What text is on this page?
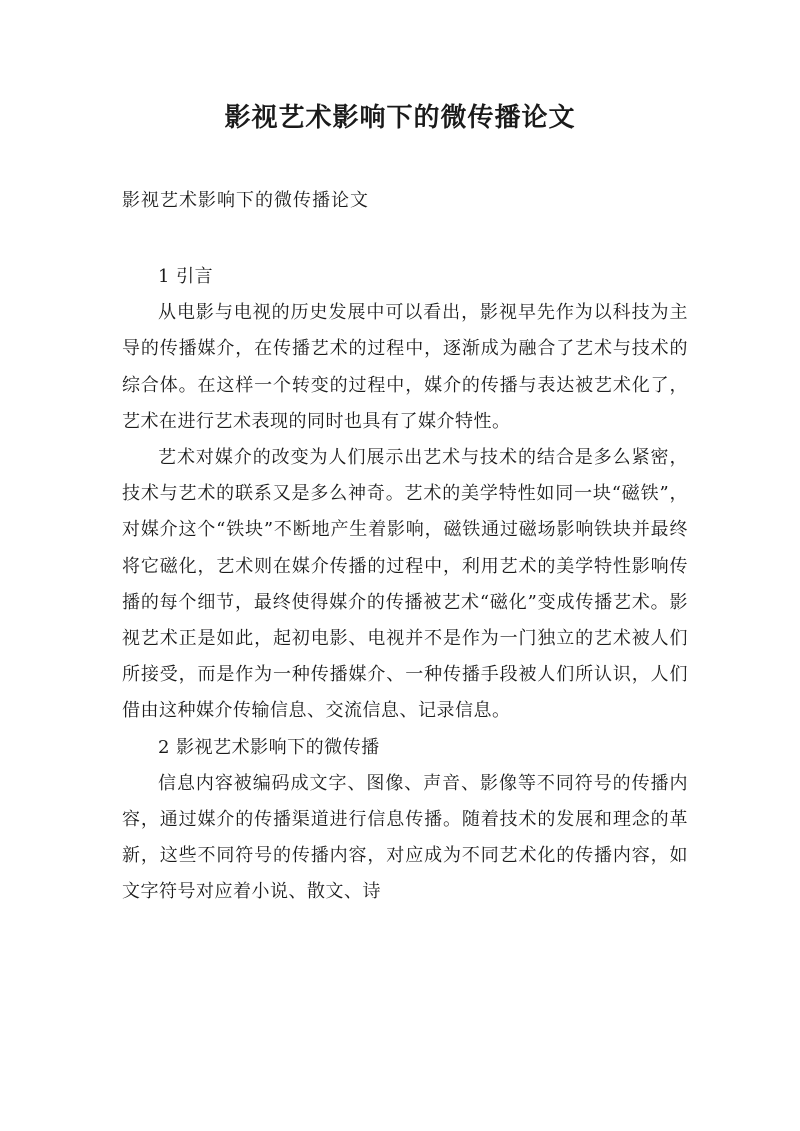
影视艺术影响下的微传播论文

影视艺术影响下的微传播论文

1 引言

从电影与电视的历史发展中可以看出，影视早先作为以科技为主导的传播媒介，在传播艺术的过程中，逐渐成为融合了艺术与技术的综合体。在这样一个转变的过程中，媒介的传播与表达被艺术化了，艺术在进行艺术表现的同时也具有了媒介特性。

艺术对媒介的改变为人们展示出艺术与技术的结合是多么紧密，技术与艺术的联系又是多么神奇。艺术的美学特性如同一块“磁铁”，对媒介这个“铁块”不断地产生着影响，磁铁通过磁场影响铁块并最终将它磁化，艺术则在媒介传播的过程中，利用艺术的美学特性影响传播的每个细节，最终使得媒介的传播被艺术“磁化”变成传播艺术。影视艺术正是如此，起初电影、电视并不是作为一门独立的艺术被人们所接受，而是作为一种传播媒介、一种传播手段被人们所认识，人们借由这种媒介传输信息、交流信息、记录信息。

2 影视艺术影响下的微传播

信息内容被编码成文字、图像、声音、影像等不同符号的传播内容，通过媒介的传播渠道进行信息传播。随着技术的发展和理念的革新，这些不同符号的传播内容，对应成为不同艺术化的传播内容，如文字符号对应着小说、散文、诗
